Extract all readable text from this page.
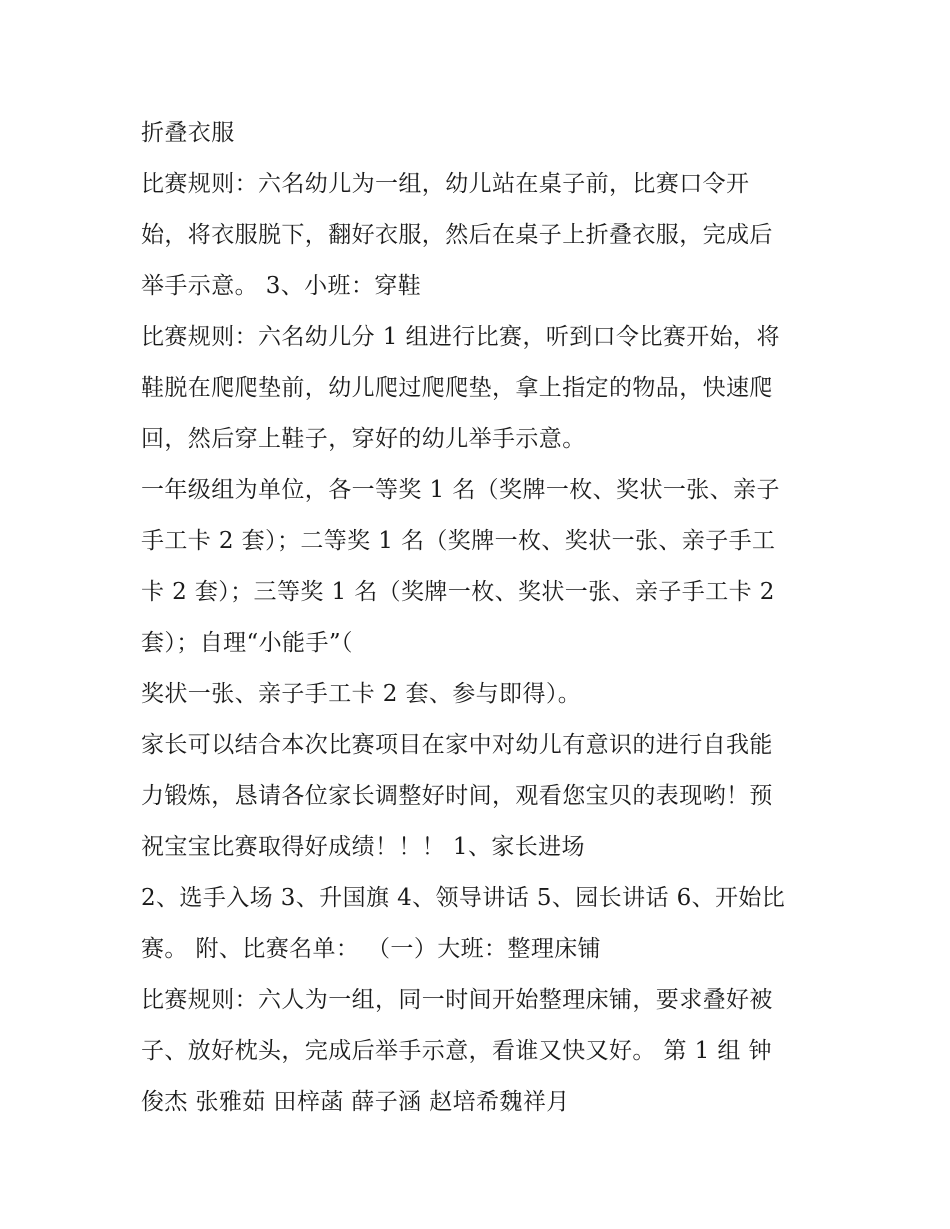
折叠衣服
比赛规则：六名幼儿为一组，幼儿站在桌子前，比赛口令开
始，将衣服脱下，翻好衣服，然后在桌子上折叠衣服，完成后
举手示意。 3、小班：穿鞋
比赛规则：六名幼儿分 1 组进行比赛，听到口令比赛开始，将
鞋脱在爬爬垫前，幼儿爬过爬爬垫，拿上指定的物品，快速爬
回，然后穿上鞋子，穿好的幼儿举手示意。
一年级组为单位，各一等奖 1 名（奖牌一枚、奖状一张、亲子
手工卡 2 套）；二等奖 1 名（奖牌一枚、奖状一张、亲子手工
卡 2 套）；三等奖 1 名（奖牌一枚、奖状一张、亲子手工卡 2
套）；自理“小能手”（
奖状一张、亲子手工卡 2 套、参与即得）。
家长可以结合本次比赛项目在家中对幼儿有意识的进行自我能
力锻炼，恳请各位家长调整好时间，观看您宝贝的表现哟！预
祝宝宝比赛取得好成绩！！！ 1、家长进场
2、选手入场 3、升国旗 4、领导讲话 5、园长讲话 6、开始比
赛。 附、比赛名单： （一）大班：整理床铺
比赛规则：六人为一组，同一时间开始整理床铺，要求叠好被
子、放好枕头，完成后举手示意，看谁又快又好。 第 1 组 钟
俊杰 张雅茹 田梓菡 薛子涵 赵培希魏祥月
